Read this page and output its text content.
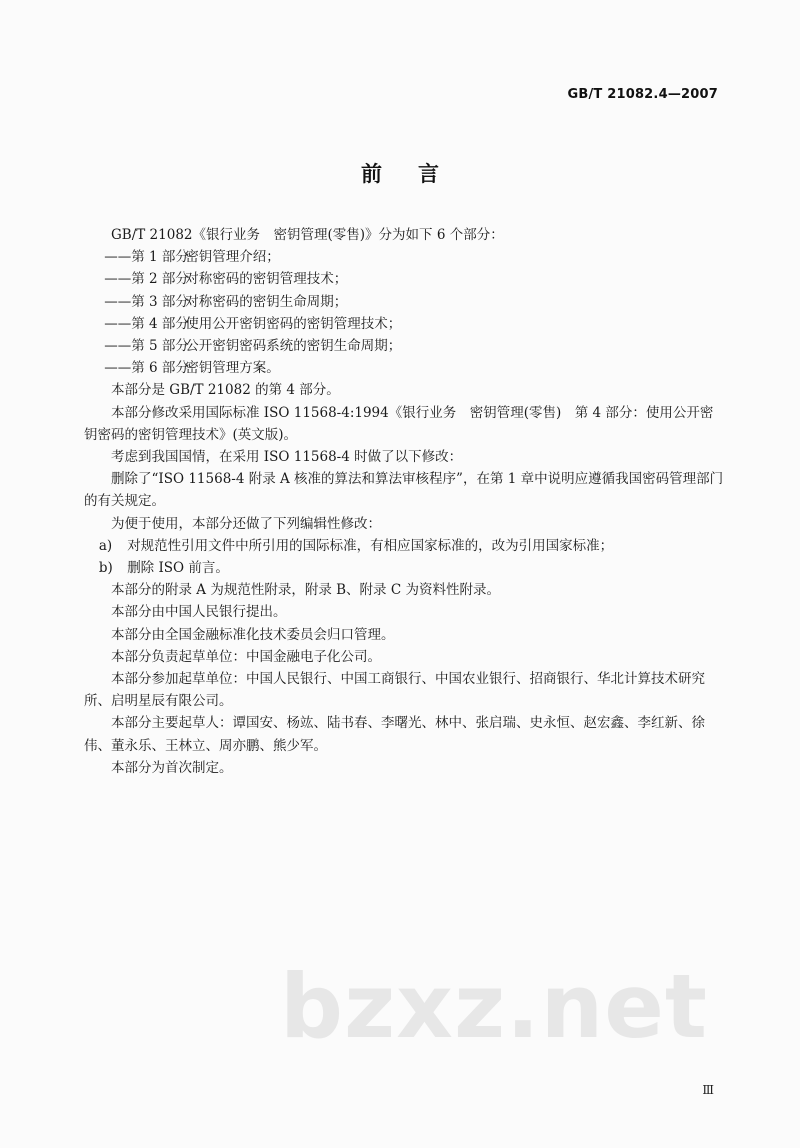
GB/T 21082.4—2007
前 言

GB/T 21082《银行业务　密钥管理(零售)》分为如下 6 个部分：

——第 1 部分密钥管理介绍；

——第 2 部分对称密码的密钥管理技术；

——第 3 部分对称密码的密钥生命周期；

——第 4 部分使用公开密钥密码的密钥管理技术；

——第 5 部分公开密钥密码系统的密钥生命周期；

——第 6 部分密钥管理方案。

本部分是 GB/T 21082 的第 4 部分。

本部分修改采用国际标准 ISO 11568-4:1994《银行业务　密钥管理(零售)　第 4 部分：使用公开密钥密码的密钥管理技术》(英文版)。

考虑到我国国情，在采用 ISO 11568-4 时做了以下修改：

删除了“ISO 11568-4 附录 A 核准的算法和算法审核程序”，在第 1 章中说明应遵循我国密码管理部门的有关规定。

为便于使用，本部分还做了下列编辑性修改：

a) 对规范性引用文件中所引用的国际标准，有相应国家标准的，改为引用国家标准；

b) 删除 ISO 前言。

本部分的附录 A 为规范性附录，附录 B、附录 C 为资料性附录。

本部分由中国人民银行提出。

本部分由全国金融标准化技术委员会归口管理。

本部分负责起草单位：中国金融电子化公司。

本部分参加起草单位：中国人民银行、中国工商银行、中国农业银行、招商银行、华北计算技术研究所、启明星辰有限公司。

本部分主要起草人：谭国安、杨竑、陆书春、李曙光、林中、张启瑞、史永恒、赵宏鑫、李红新、徐伟、董永乐、王林立、周亦鹏、熊少军。

本部分为首次制定。

bzxz.net
Ⅲ
